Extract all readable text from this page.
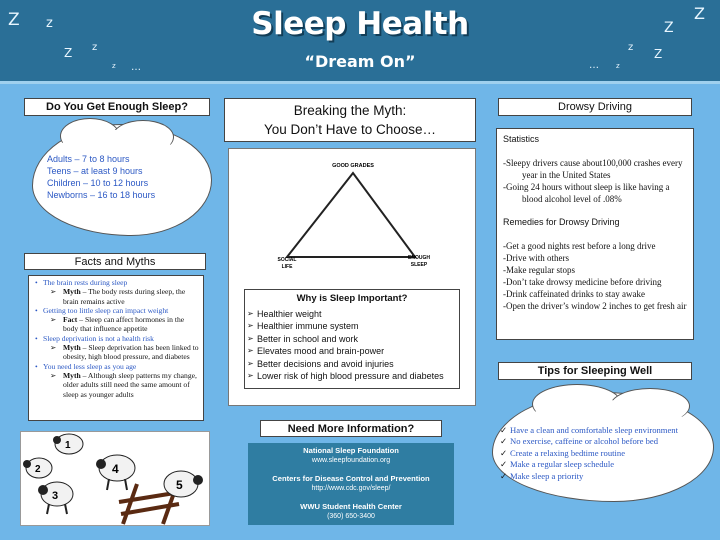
Z z
Z z
z …
Z
Z
z Z
… z
Sleep Health
“Dream On”
Do You Get Enough Sleep?
Adults – 7 to 8 hours
Teens – at least 9 hours
Children – 10 to 12 hours
Newborns – 16 to 18 hours
Facts and Myths
• The brain rests during sleep
➢ Myth – The body rests during sleep, the brain remains active
• Getting too little sleep can impact weight
➢ Fact – Sleep can affect hormones in the body that influence appetite
• Sleep deprivation is not a health risk
➢ Myth – Sleep deprivation has been linked to obesity, high blood pressure, and diabetes
• You need less sleep as you age
➢ Myth – Although sleep patterns my change, older adults still need the same amount of sleep as younger adults
1
2
3
4
5
Breaking the Myth:
You Don’t Have to Choose…
GOOD GRADES
SOCIAL
LIFE
ENOUGH
SLEEP
Why is Sleep Important?
➢ Healthier weight
➢ Healthier immune system
➢ Better in school and work
➢ Elevates mood and brain-power
➢ Better decisions and avoid injuries
➢ Lower risk of high blood pressure and diabetes
Need More Information?
National Sleep Foundation
www.sleepfoundation.org
Centers for Disease Control and Prevention
http://www.cdc.gov/sleep/
WWU Student Health Center
(360) 650-3400
Drowsy Driving
Statistics
-Sleepy drivers cause about100,000 crashes every year in the United States
-Going 24 hours without sleep is like having a blood alcohol level of .08%
Remedies for Drowsy Driving
-Get a good nights rest before a long drive
-Drive with others
-Make regular stops
-Don’t take drowsy medicine before driving
-Drink caffeinated drinks to stay awake
-Open the driver’s window 2 inches to get fresh air
Tips for Sleeping Well
✓ Have a clean and comfortable sleep environment
✓ No exercise, caffeine or alcohol before bed
✓ Create a relaxing bedtime routine
✓ Make a regular sleep schedule
✓ Make sleep a priority
